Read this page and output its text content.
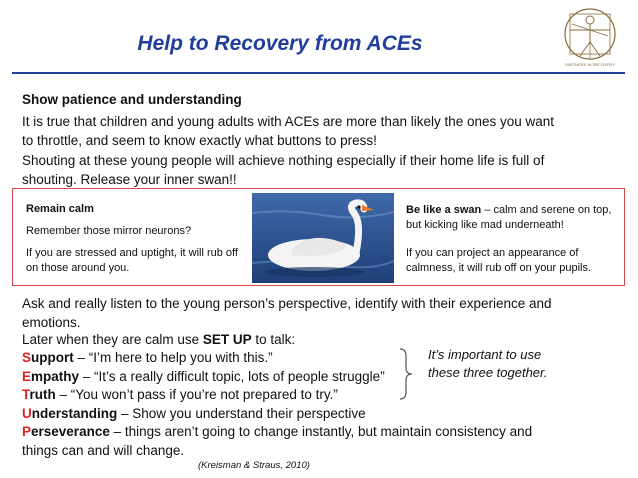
Help to Recovery from ACEs
PARTNERS IN RECOVERY
Show patience and understanding
It is true that children and young adults with ACEs are more than likely the ones you want to throttle, and seem to know exactly what buttons to press!
Shouting at these young people will achieve nothing especially if their home life is full of shouting. Release your inner swan!!
Remain calm
Remember those mirror neurons?
If you are stressed and uptight, it will rub off on those around you.
Be like a swan – calm and serene on top, but kicking like mad underneath!
If you can project an appearance of calmness, it will rub off on your pupils.
Ask and really listen to the young person’s perspective, identify with their experience and emotions.
Later when they are calm use SET UP to talk:
Support – “I’m here to help you with this.”
Empathy – “It’s a really difficult topic, lots of people struggle”
Truth – “You won’t pass if you’re not prepared to try.”
Understanding – Show you understand their perspective
Perseverance – things aren’t going to change instantly, but maintain consistency and
things can and will change.
It’s important to use these three together.
(Kreisman & Straus, 2010)
